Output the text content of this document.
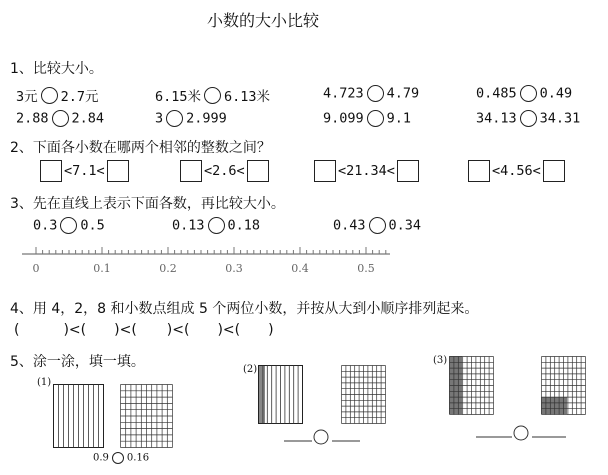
小数的大小比较
1、比较大小。
3元 2.7元	6.15米 6.13米	4.723 4.79	0.485 0.49
2.88 2.84	3 2.999	9.099 9.1	34.13 34.31
2、下面各小数在哪两个相邻的整数之间？
<7.1<	<2.6<	<21.34<	<4.56<
3、先在直线上表示下面各数，再比较大小。
0.3 0.5	0.13 0.18	0.43 0.34
0	0.1	0.2	0.3	0.4	0.5
4、用 4，2，8 和小数点组成 5 个两位小数，并按从大到小顺序排列起来。
(	)<( )<( )<( )<( )
5、涂一涂，填一填。
(1)
0.9 0.16
(2)
(3)
